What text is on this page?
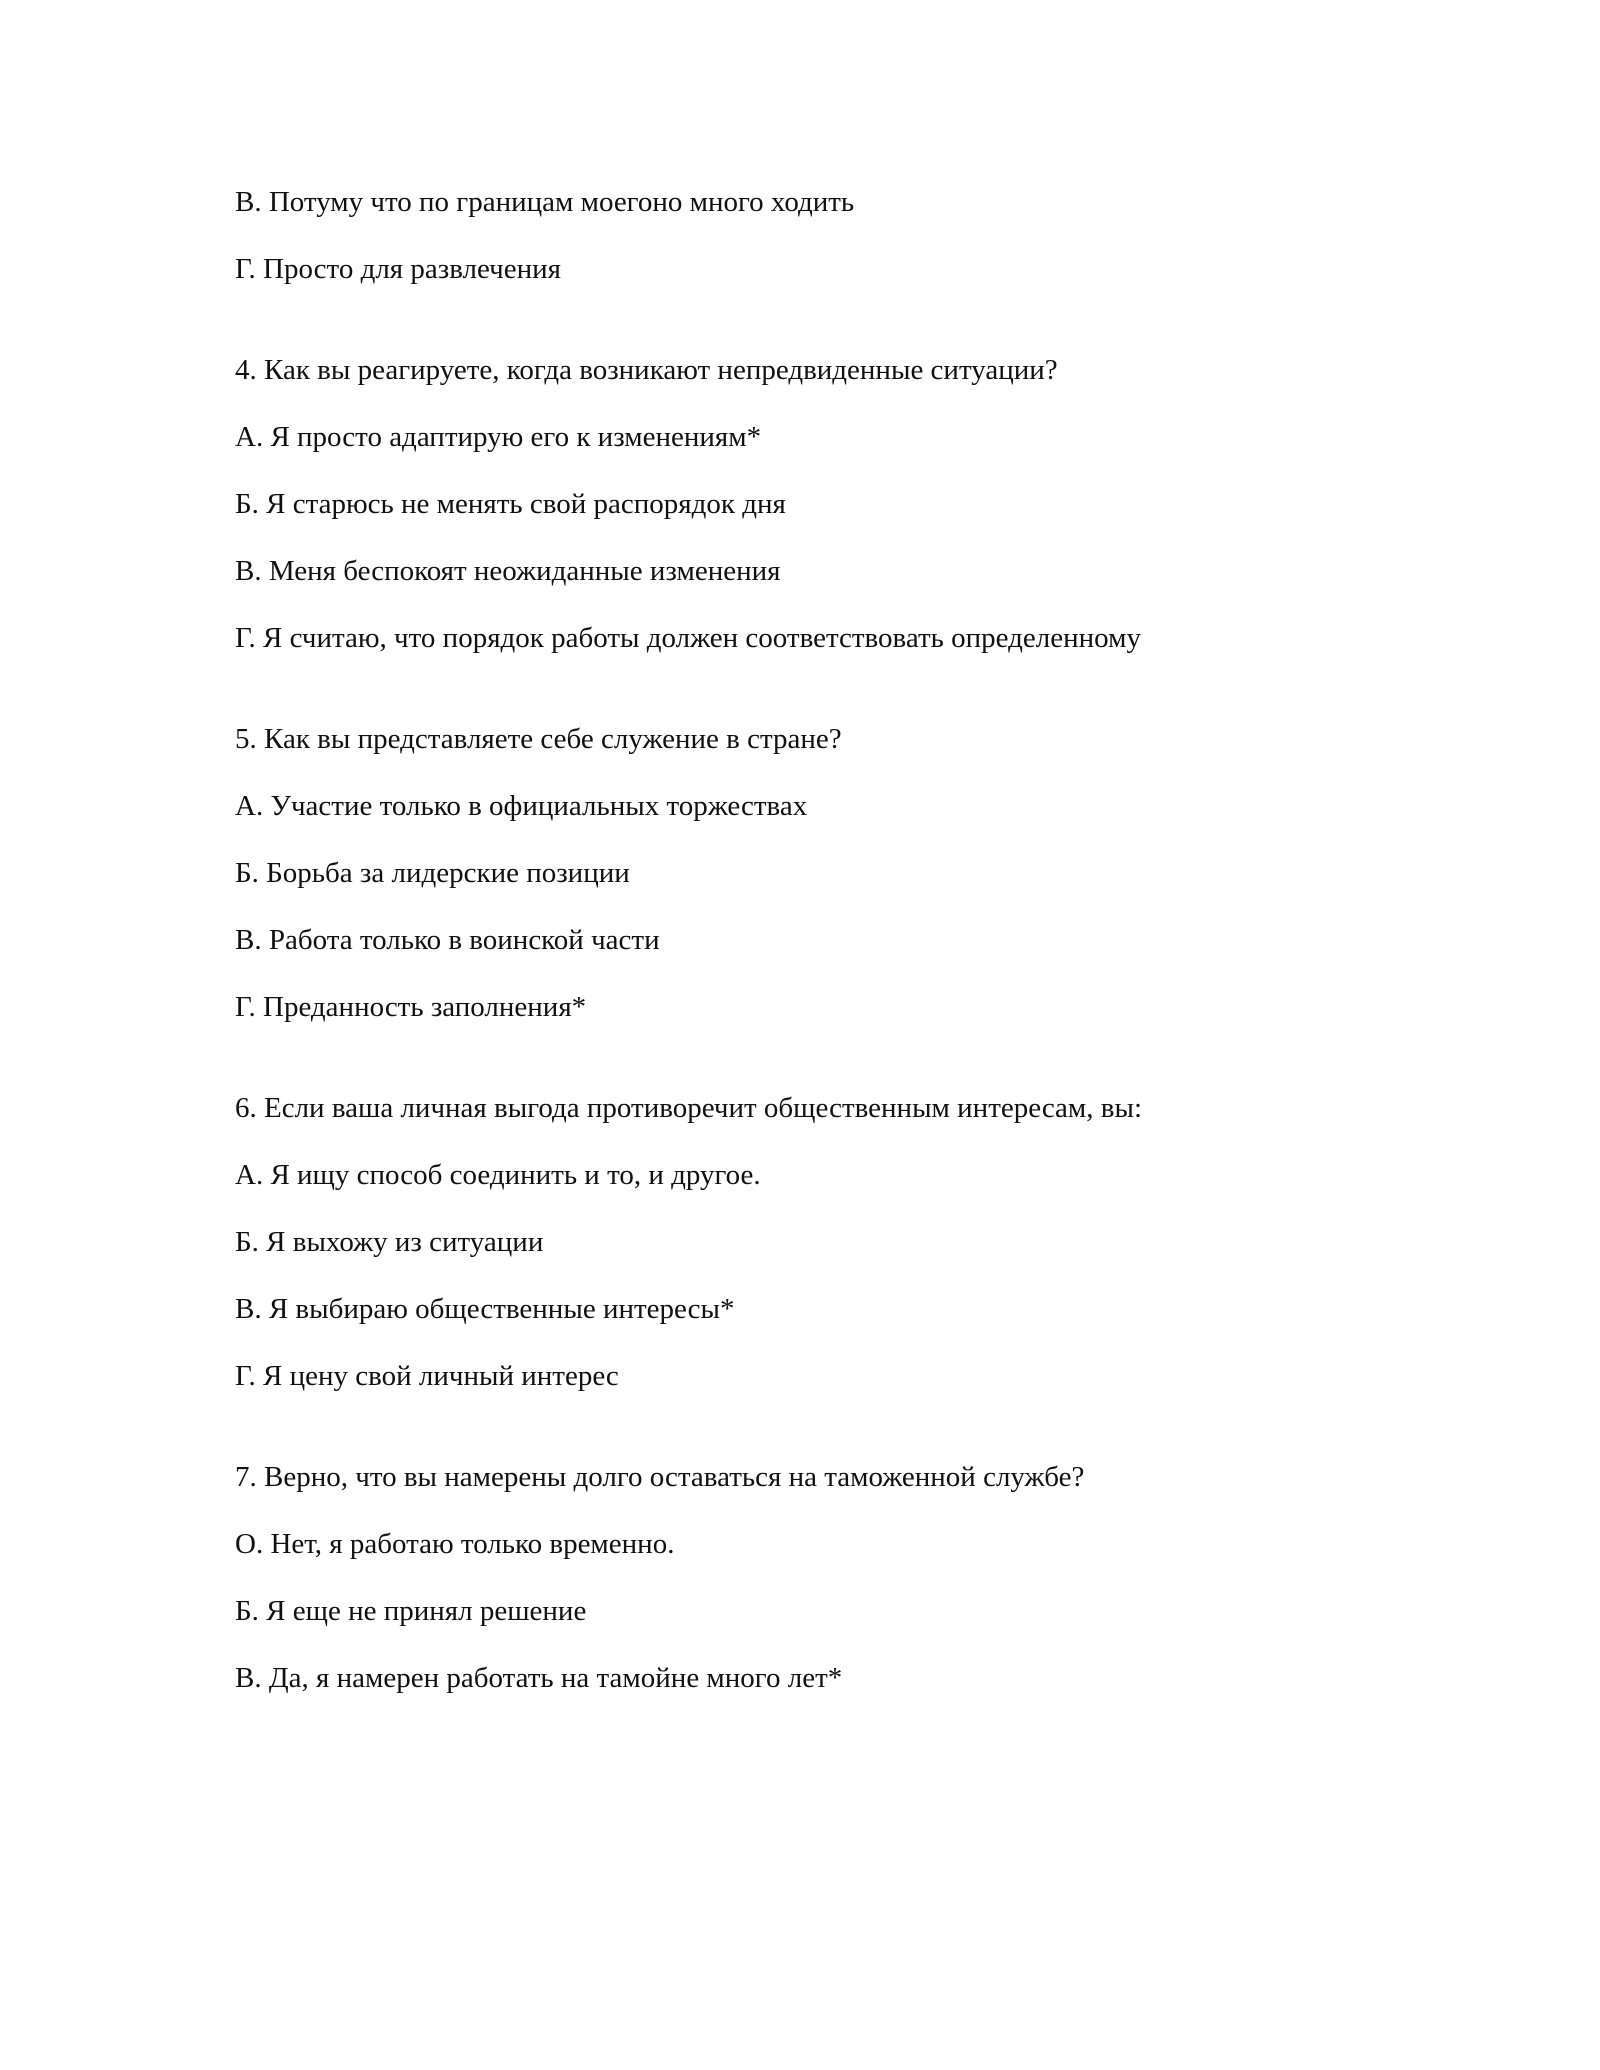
В. Потуму что по границам моегоно много ходить
Г. Просто для развлечения
4. Как вы реагируете, когда возникают непредвиденные ситуации?
А. Я просто адаптирую его к изменениям*
Б. Я старюсь не менять свой распорядок дня
В. Меня беспокоят неожиданные изменения
Г. Я считаю, что порядок работы должен соответствовать определенному
5. Как вы представляете себе служение в стране?
А. Участие только в официальных торжествах
Б. Борьба за лидерские позиции
В. Работа только в воинской части
Г. Преданность заполнения*
6. Если ваша личная выгода противоречит общественным интересам, вы:
А. Я ищу способ соединить и то, и другое.
Б. Я выхожу из ситуации
В. Я выбираю общественные интересы*
Г. Я цену свой личный интерес
7. Верно, что вы намерены долго оставаться на таможенной службе?
О. Нет, я работаю только временно.
Б. Я еще не принял решение
В. Да, я намерен работать на тамойне много лет*
